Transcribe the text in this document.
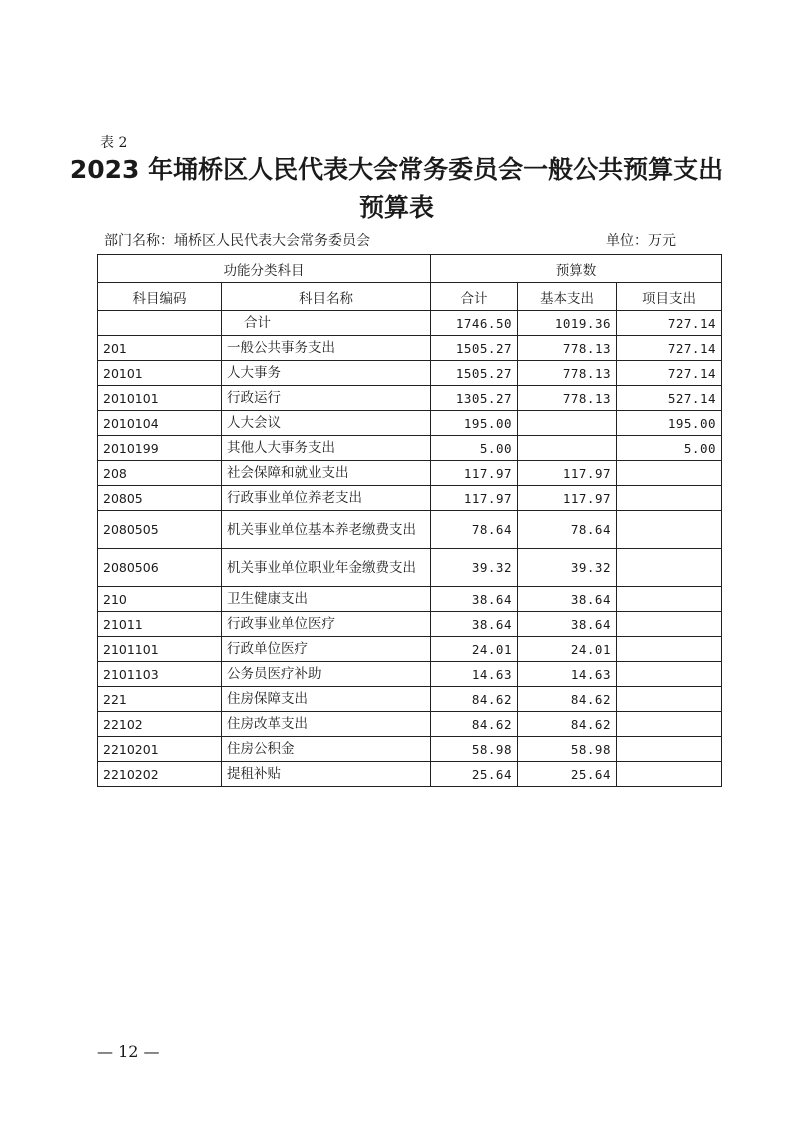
表 2
2023 年埇桥区人民代表大会常务委员会一般公共预算支出
预算表
部门名称：埇桥区人民代表大会常务委员会	单位：万元
功能分类科目		预算数		
科目编码	科目名称	合计	基本支出	项目支出
	合计	1746.50	1019.36	727.14
201	一般公共事务支出	1505.27	778.13	727.14
20101	人大事务	1505.27	778.13	727.14
2010101	行政运行	1305.27	778.13	527.14
2010104	人大会议	195.00		195.00
2010199	其他人大事务支出	5.00		5.00
208	社会保障和就业支出	117.97	117.97	
20805	行政事业单位养老支出	117.97	117.97	
2080505	机关事业单位基本养老缴费支出	78.64	78.64	
2080506	机关事业单位职业年金缴费支出	39.32	39.32	
210	卫生健康支出	38.64	38.64	
21011	行政事业单位医疗	38.64	38.64	
2101101	行政单位医疗	24.01	24.01	
2101103	公务员医疗补助	14.63	14.63	
221	住房保障支出	84.62	84.62	
22102	住房改革支出	84.62	84.62	
2210201	住房公积金	58.98	58.98	
2210202	提租补贴	25.64	25.64	
— 12 —
